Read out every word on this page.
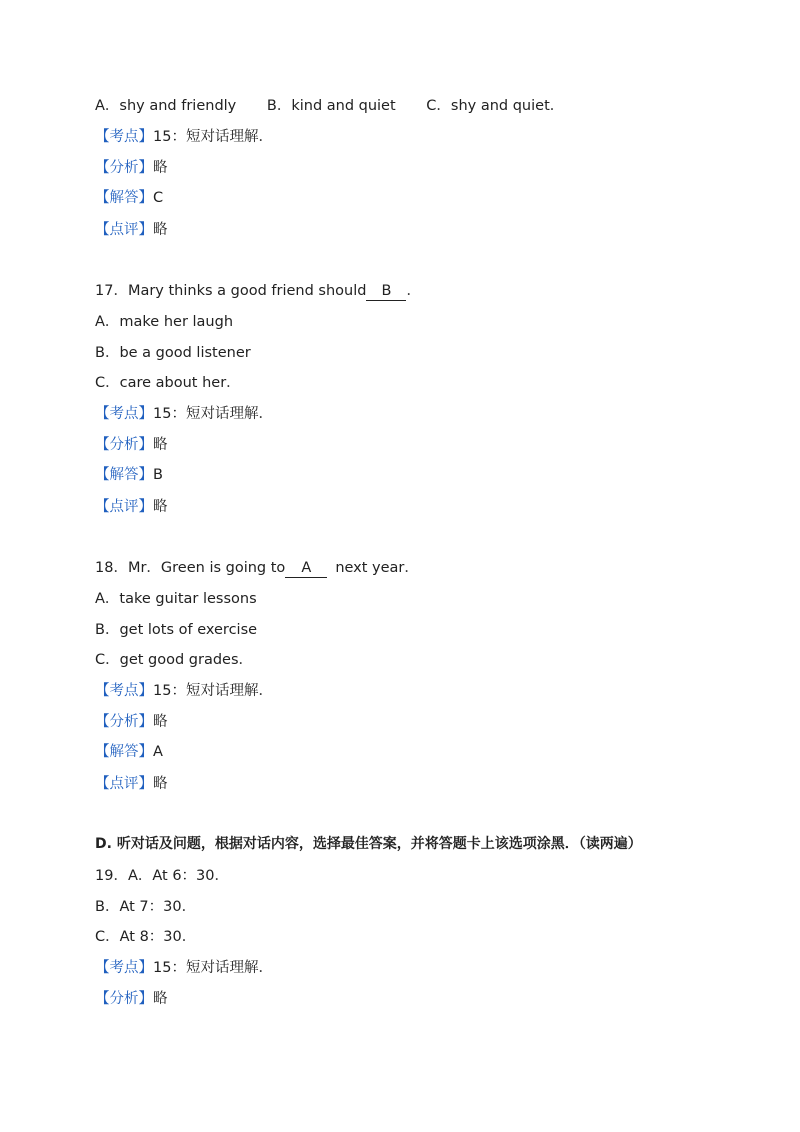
A．shy and friendly B．kind and quiet C．shy and quiet．
【考点】15：短对话理解．
【分析】略
【解答】C
【点评】略
17．Mary thinks a good friend should B ．
A．make her laugh
B．be a good listener
C．care about her．
【考点】15：短对话理解．
【分析】略
【解答】B
【点评】略
18．Mr．Green is going to A next year．
A．take guitar lessons
B．get lots of exercise
C．get good grades．
【考点】15：短对话理解．
【分析】略
【解答】A
【点评】略
D. 听对话及问题，根据对话内容，选择最佳答案，并将答题卡上该选项涂黑．（读两遍）
19．A．At 6：30．
B．At 7：30．
C．At 8：30．
【考点】15：短对话理解．
【分析】略
